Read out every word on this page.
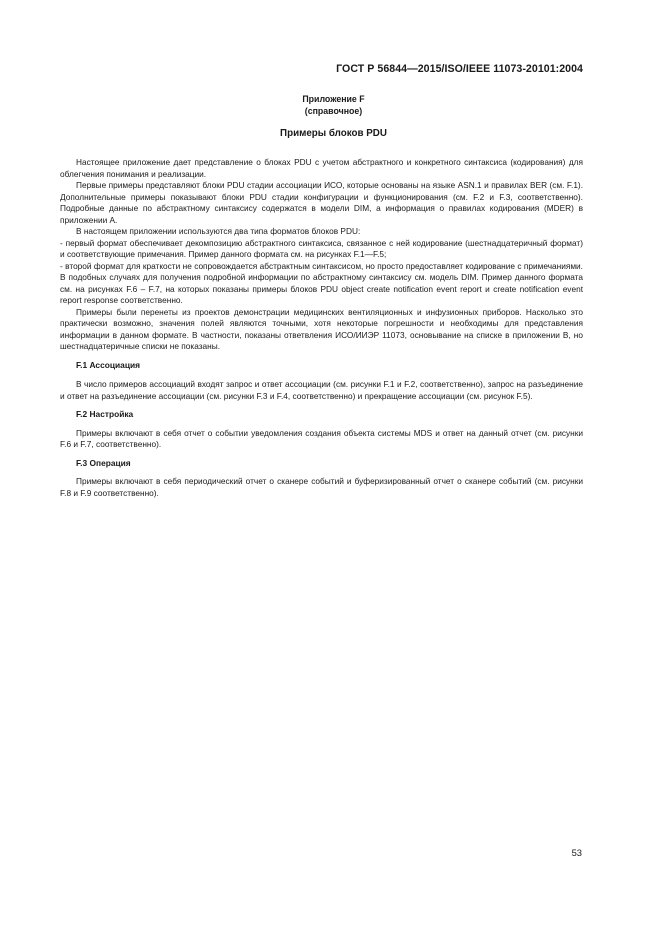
ГОСТ Р 56844—2015/ISO/IEEE 11073-20101:2004
Приложение F
(справочное)
Примеры блоков PDU

Настоящее приложение дает представление о блоках PDU с учетом абстрактного и конкретного синтаксиса (кодирования) для облегчения понимания и реализации.

Первые примеры представляют блоки PDU стадии ассоциации ИСО, которые основаны на языке ASN.1 и правилах BER (см. F.1). Дополнительные примеры показывают блоки PDU стадии конфигурации и функционирования (см. F.2 и F.3, соответственно). Подробные данные по абстрактному синтаксису содержатся в модели DIM, а информация о правилах кодирования (MDER) в приложении А.

В настоящем приложении используются два типа форматов блоков PDU:

- первый формат обеспечивает декомпозицию абстрактного синтаксиса, связанное с ней кодирование (шестнадцатеричный формат) и соответствующие примечания. Пример данного формата см. на рисунках F.1—F.5;

- второй формат для краткости не сопровождается абстрактным синтаксисом, но просто предоставляет кодирование с примечаниями. В подобных случаях для получения подробной информации по абстрактному синтаксису см. модель DIM. Пример данного формата см. на рисунках F.6 – F.7, на которых показаны примеры блоков PDU object create notification event report и create notification event report response соответственно.

Примеры были перенеты из проектов демонстрации медицинских вентиляционных и инфузионных приборов. Насколько это практически возможно, значения полей являются точными, хотя некоторые погрешности и необходимы для представления информации в данном формате. В частности, показаны ответвления ИСО/ИИЭР 11073, основывание на списке в приложении B, но шестнадцатеричные списки не показаны.

F.1 Ассоциация

В число примеров ассоциаций входят запрос и ответ ассоциации (см. рисунки F.1 и F.2, соответственно), запрос на разъединение и ответ на разъединение ассоциации (см. рисунки F.3 и F.4, соответственно) и прекращение ассоциации (см. рисунок F.5).

F.2 Настройка

Примеры включают в себя отчет о событии уведомления создания объекта системы MDS и ответ на данный отчет (см. рисунки F.6 и F.7, соответственно).

F.3 Операция

Примеры включают в себя периодический отчет о сканере событий и буферизированный отчет о сканере событий (см. рисунки F.8 и F.9 соответственно).

53
